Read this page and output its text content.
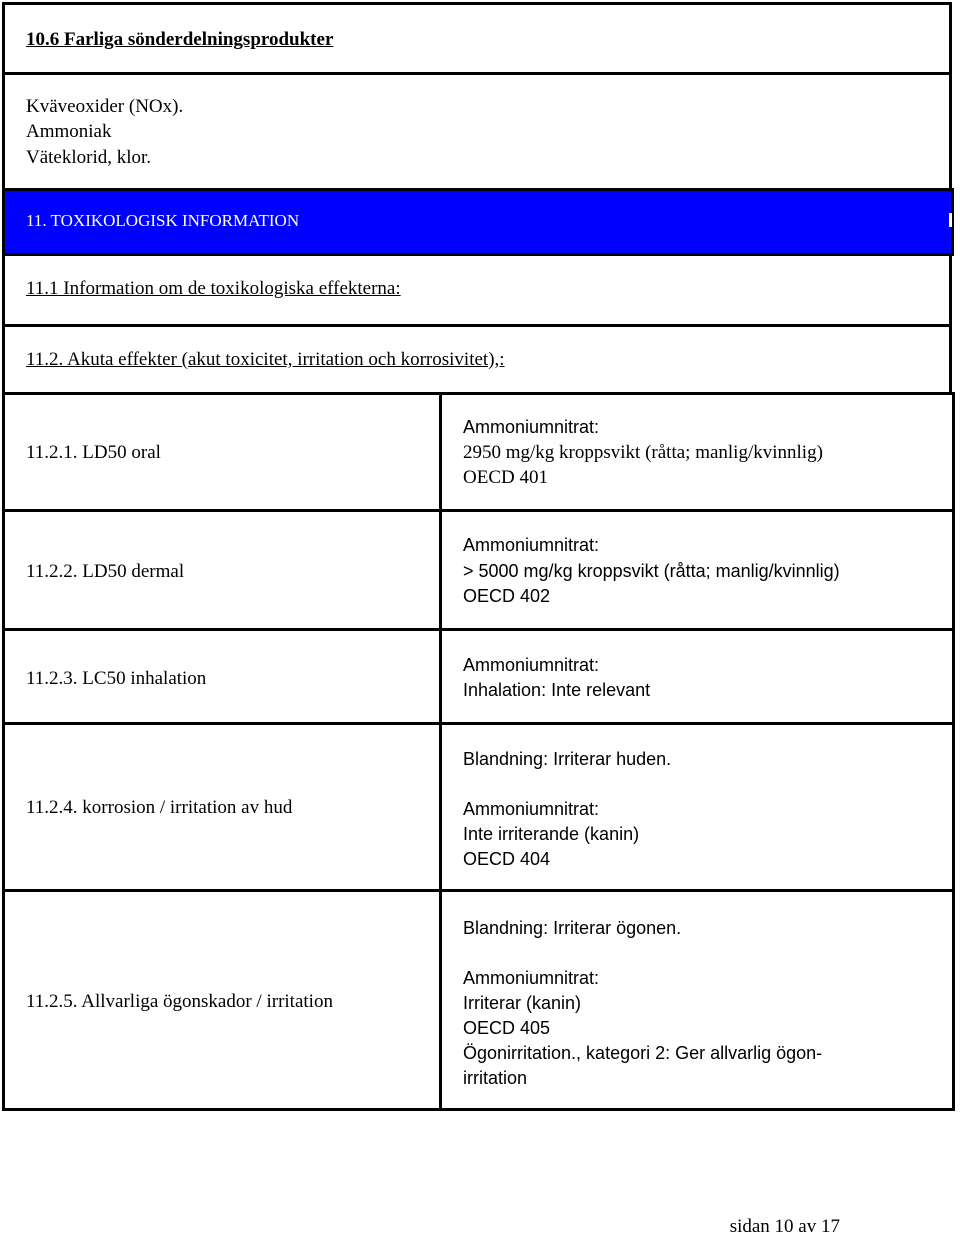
10.6 Farliga sönderdelningsprodukter
Kväveoxider (NOx).
Ammoniak
Väteklorid, klor.
11. TOXIKOLOGISK INFORMATION
11.1 Information om de toxikologiska effekterna:
11.2. Akuta effekter (akut toxicitet, irritation och korrosivitet),:
11.2.1. LD50 oral
Ammoniumnitrat:
2950 mg/kg kroppsvikt (råtta; manlig/kvinnlig)
OECD 401
11.2.2. LD50 dermal
Ammoniumnitrat:
> 5000 mg/kg kroppsvikt (råtta; manlig/kvinnlig)
OECD 402
11.2.3. LC50 inhalation
Ammoniumnitrat:
Inhalation: Inte relevant
11.2.4. korrosion / irritation av hud
Blandning: Irriterar huden.
Ammoniumnitrat:
Inte irriterande (kanin)
OECD 404
11.2.5. Allvarliga ögonskador / irritation
Blandning: Irriterar ögonen.
Ammoniumnitrat:
Irriterar (kanin)
OECD 405
Ögonirritation., kategori 2: Ger allvarlig ögon-
irritation
sidan 10 av 17
